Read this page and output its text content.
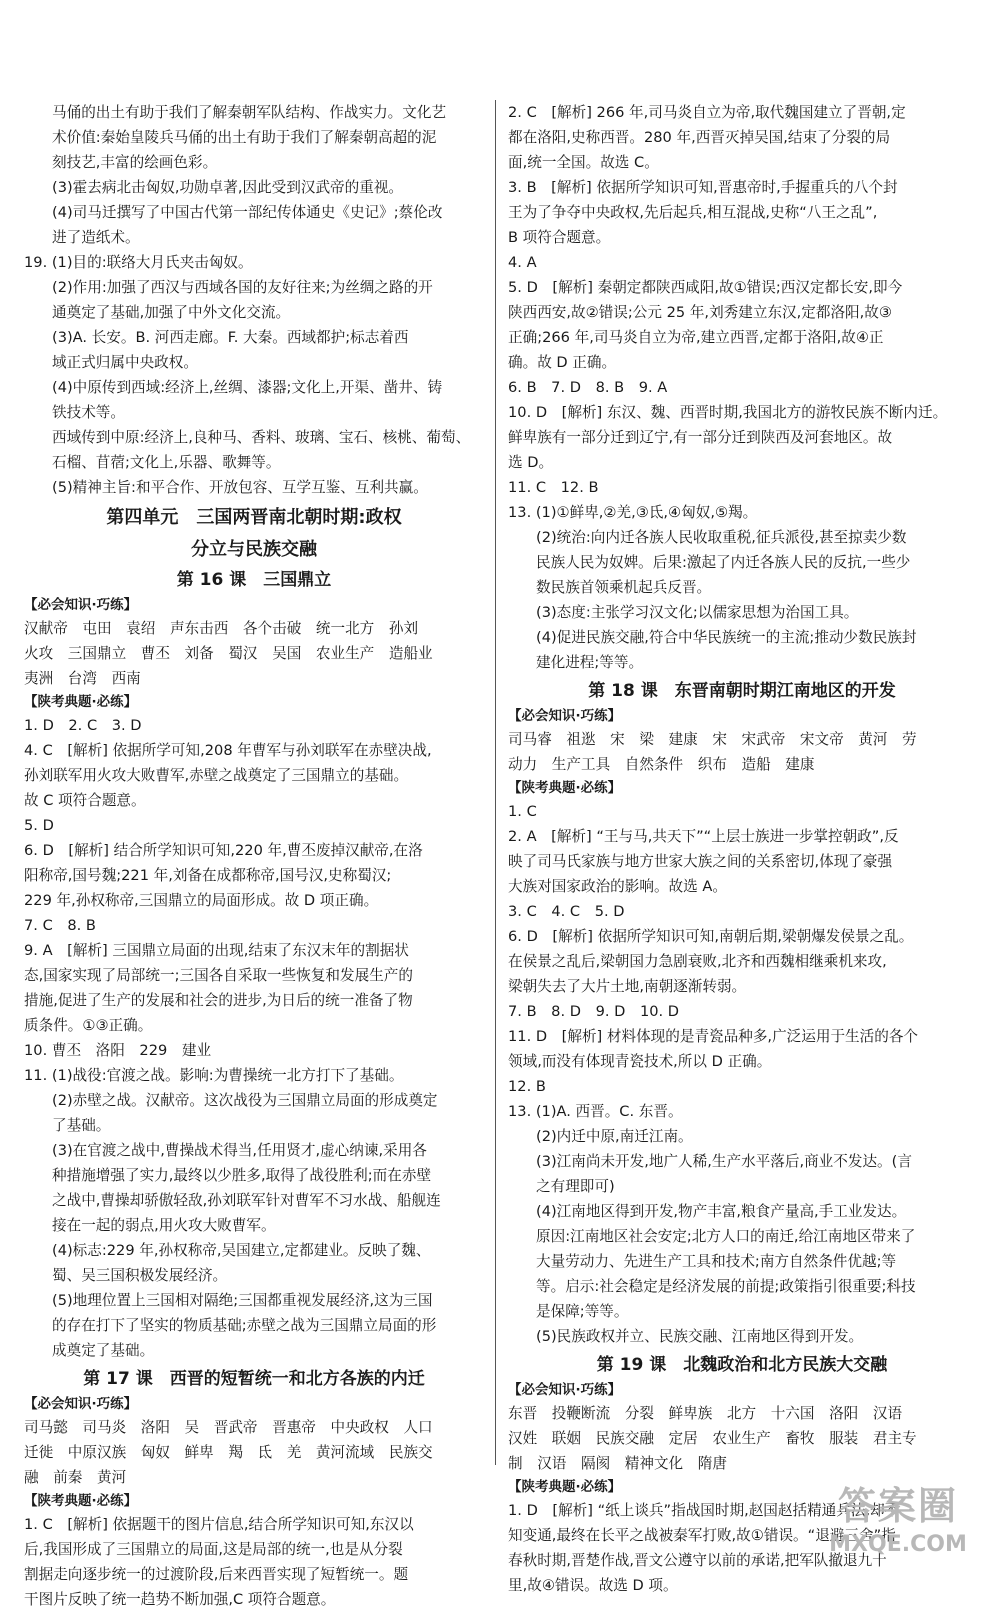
马俑的出土有助于我们了解秦朝军队结构、作战实力。文化艺
术价值:秦始皇陵兵马俑的出土有助于我们了解秦朝高超的泥
刻技艺,丰富的绘画色彩。
(3)霍去病北击匈奴,功勋卓著,因此受到汉武帝的重视。
(4)司马迁撰写了中国古代第一部纪传体通史《史记》;蔡伦改
进了造纸术。
19. (1)目的:联络大月氏夹击匈奴。
(2)作用:加强了西汉与西域各国的友好往来;为丝绸之路的开
通奠定了基础,加强了中外文化交流。
(3)A. 长安。B. 河西走廊。F. 大秦。西域都护;标志着西
域正式归属中央政权。
(4)中原传到西域:经济上,丝绸、漆器;文化上,开渠、凿井、铸
铁技术等。
西域传到中原:经济上,良种马、香料、玻璃、宝石、核桃、葡萄、
石榴、苜蓿;文化上,乐器、歌舞等。
(5)精神主旨:和平合作、开放包容、互学互鉴、互利共赢。
第四单元　三国两晋南北朝时期:政权
分立与民族交融
第 16 课　三国鼎立
【必会知识·巧练】
汉献帝　屯田　袁绍　声东击西　各个击破　统一北方　孙刘
火攻　三国鼎立　曹丕　刘备　蜀汉　吴国　农业生产　造船业
夷洲　台湾　西南
【陕考典题·必练】
1. D　2. C　3. D
4. C　[解析] 依据所学可知,208 年曹军与孙刘联军在赤壁决战,
孙刘联军用火攻大败曹军,赤壁之战奠定了三国鼎立的基础。
故 C 项符合题意。
5. D
6. D　[解析] 结合所学知识可知,220 年,曹丕废掉汉献帝,在洛
阳称帝,国号魏;221 年,刘备在成都称帝,国号汉,史称蜀汉;
229 年,孙权称帝,三国鼎立的局面形成。故 D 项正确。
7. C　8. B
9. A　[解析] 三国鼎立局面的出现,结束了东汉末年的割据状
态,国家实现了局部统一;三国各自采取一些恢复和发展生产的
措施,促进了生产的发展和社会的进步,为日后的统一准备了物
质条件。①③正确。
10. 曹丕　洛阳　229　建业
11. (1)战役:官渡之战。影响:为曹操统一北方打下了基础。
(2)赤壁之战。汉献帝。这次战役为三国鼎立局面的形成奠定
了基础。
(3)在官渡之战中,曹操战术得当,任用贤才,虚心纳谏,采用各
种措施增强了实力,最终以少胜多,取得了战役胜利;而在赤壁
之战中,曹操却骄傲轻敌,孙刘联军针对曹军不习水战、船舰连
接在一起的弱点,用火攻大败曹军。
(4)标志:229 年,孙权称帝,吴国建立,定都建业。反映了魏、
蜀、吴三国积极发展经济。
(5)地理位置上三国相对隔绝;三国都重视发展经济,这为三国
的存在打下了坚实的物质基础;赤壁之战为三国鼎立局面的形
成奠定了基础。
第 17 课　西晋的短暂统一和北方各族的内迁
【必会知识·巧练】
司马懿　司马炎　洛阳　吴　晋武帝　晋惠帝　中央政权　人口
迁徙　中原汉族　匈奴　鲜卑　羯　氐　羌　黄河流域　民族交
融　前秦　黄河
【陕考典题·必练】
1. C　[解析] 依据题干的图片信息,结合所学知识可知,东汉以
后,我国形成了三国鼎立的局面,这是局部的统一,也是从分裂
割据走向逐步统一的过渡阶段,后来西晋实现了短暂统一。题
干图片反映了统一趋势不断加强,C 项符合题意。
2. C　[解析] 266 年,司马炎自立为帝,取代魏国建立了晋朝,定
都在洛阳,史称西晋。280 年,西晋灭掉吴国,结束了分裂的局
面,统一全国。故选 C。
3. B　[解析] 依据所学知识可知,晋惠帝时,手握重兵的八个封
王为了争夺中央政权,先后起兵,相互混战,史称“八王之乱”,
B 项符合题意。
4. A
5. D　[解析] 秦朝定都陕西咸阳,故①错误;西汉定都长安,即今
陕西西安,故②错误;公元 25 年,刘秀建立东汉,定都洛阳,故③
正确;266 年,司马炎自立为帝,建立西晋,定都于洛阳,故④正
确。故 D 正确。
6. B　7. D　8. B　9. A
10. D　[解析] 东汉、魏、西晋时期,我国北方的游牧民族不断内迁。
鲜卑族有一部分迁到辽宁,有一部分迁到陕西及河套地区。故
选 D。
11. C　12. B
13. (1)①鲜卑,②羌,③氐,④匈奴,⑤羯。
(2)统治:向内迁各族人民收取重税,征兵派役,甚至掠卖少数
民族人民为奴婢。后果:激起了内迁各族人民的反抗,一些少
数民族首领乘机起兵反晋。
(3)态度:主张学习汉文化;以儒家思想为治国工具。
(4)促进民族交融,符合中华民族统一的主流;推动少数民族封
建化进程;等等。
第 18 课　东晋南朝时期江南地区的开发
【必会知识·巧练】
司马睿　祖逖　宋　梁　建康　宋　宋武帝　宋文帝　黄河　劳
动力　生产工具　自然条件　织布　造船　建康
【陕考典题·必练】
1. C
2. A　[解析] “王与马,共天下”“上层士族进一步掌控朝政”,反
映了司马氏家族与地方世家大族之间的关系密切,体现了豪强
大族对国家政治的影响。故选 A。
3. C　4. C　5. D
6. D　[解析] 依据所学知识可知,南朝后期,梁朝爆发侯景之乱。
在侯景之乱后,梁朝国力急剧衰败,北齐和西魏相继乘机来攻,
梁朝失去了大片土地,南朝逐渐转弱。
7. B　8. D　9. D　10. D
11. D　[解析] 材料体现的是青瓷品种多,广泛运用于生活的各个
领域,而没有体现青瓷技术,所以 D 正确。
12. B
13. (1)A. 西晋。C. 东晋。
(2)内迁中原,南迁江南。
(3)江南尚未开发,地广人稀,生产水平落后,商业不发达。(言
之有理即可)
(4)江南地区得到开发,物产丰富,粮食产量高,手工业发达。
原因:江南地区社会安定;北方人口的南迁,给江南地区带来了
大量劳动力、先进生产工具和技术;南方自然条件优越;等
等。启示:社会稳定是经济发展的前提;政策指引很重要;科技
是保障;等等。
(5)民族政权并立、民族交融、江南地区得到开发。
第 19 课　北魏政治和北方民族大交融
【必会知识·巧练】
东晋　投鞭断流　分裂　鲜卑族　北方　十六国　洛阳　汉语
汉姓　联姻　民族交融　定居　农业生产　畜牧　服装　君主专
制　汉语　隔阂　精神文化　隋唐
【陕考典题·必练】
1. D　[解析] “纸上谈兵”指战国时期,赵国赵括精通兵法,却不
知变通,最终在长平之战被秦军打败,故①错误。“退避三舍”指
春秋时期,晋楚作战,晋文公遵守以前的承诺,把军队撤退九十
里,故④错误。故选 D 项。
答案圈
MXQE.COM
